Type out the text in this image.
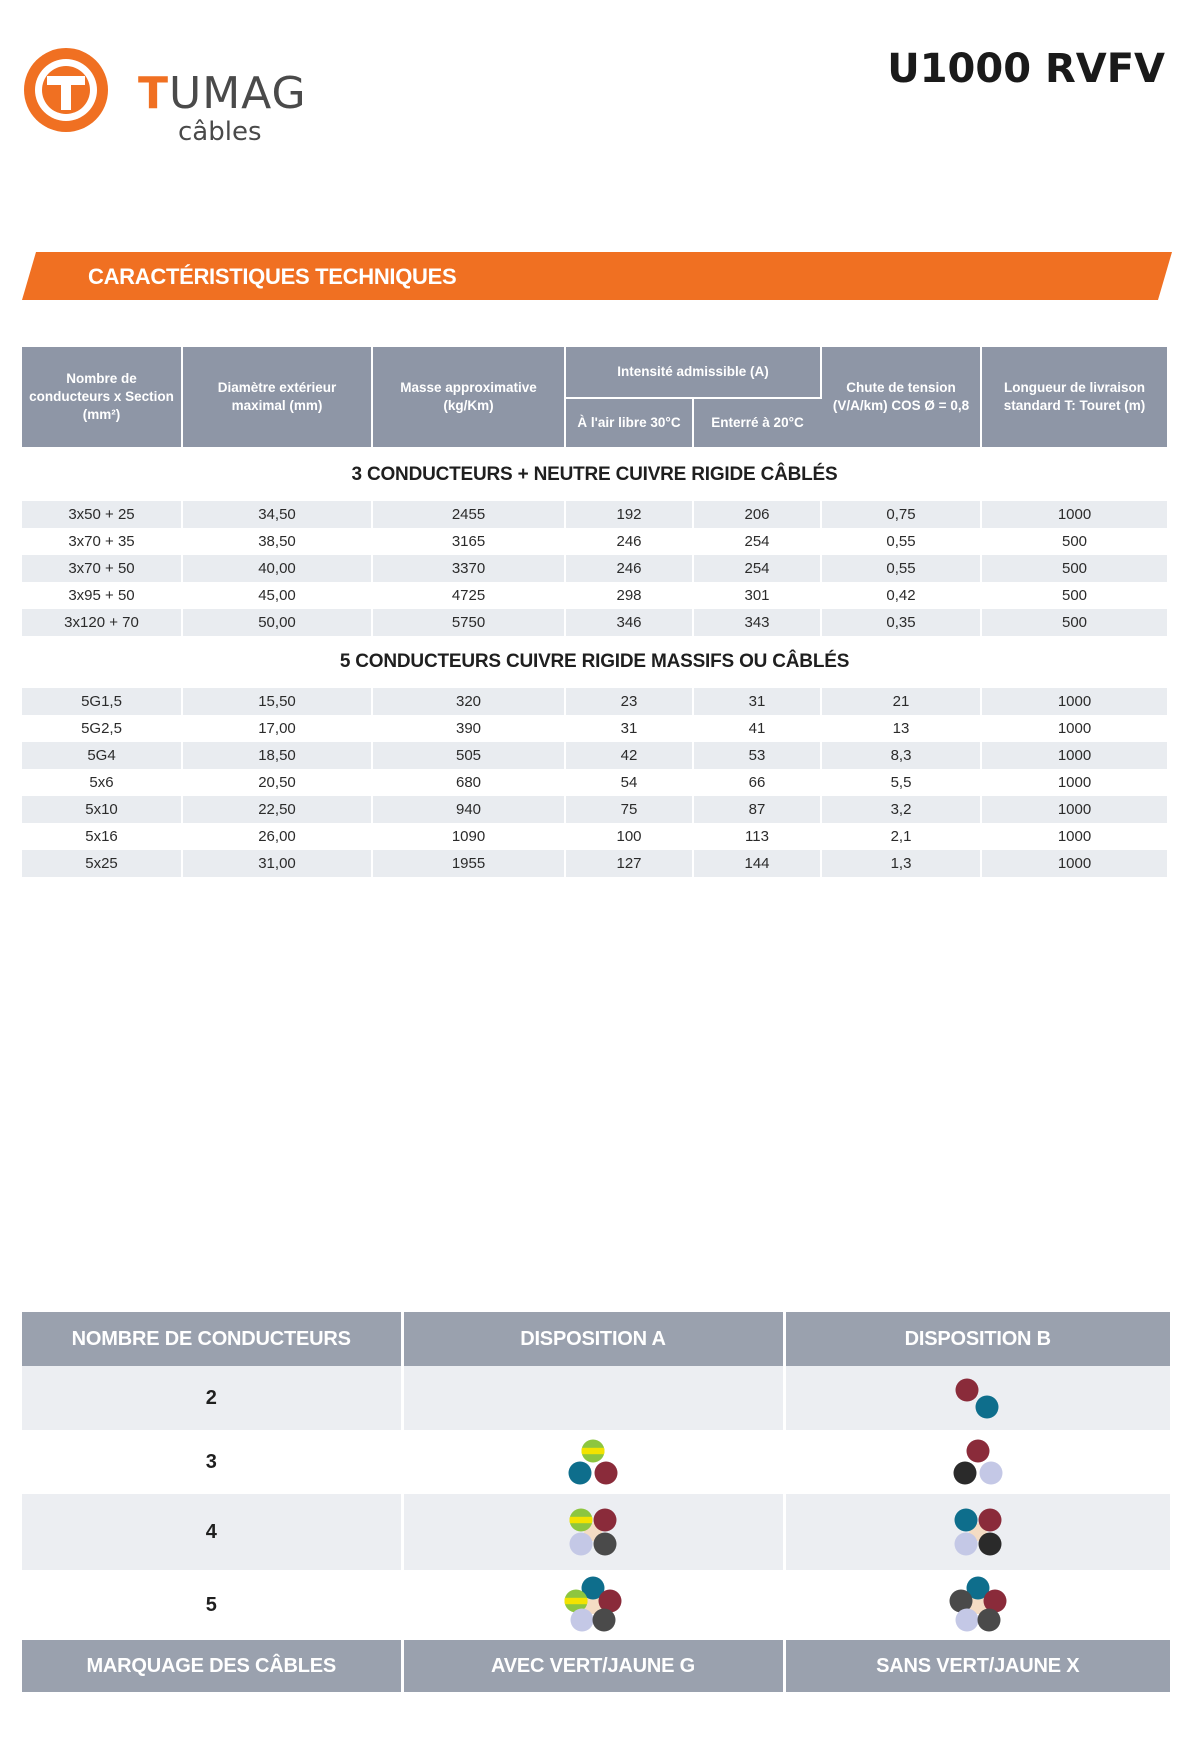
TUMAG
câbles
U1000 RVFV
CARACTÉRISTIQUES TECHNIQUES
Nombre de conducteurs x Section (mm²)	Diamètre extérieur maximal (mm)	Masse approximative (kg/Km)	Intensité admissible (A)		Chute de tension (V/A/km) COS Ø = 0,8	Longueur de livraison standard T: Touret (m)
			À l'air libre 30°C	Enterré à 20°C		
3 CONDUCTEURS + NEUTRE CUIVRE RIGIDE CÂBLÉS						
3x50 + 25	34,50	2455	192	206	0,75	1000
3x70 + 35	38,50	3165	246	254	0,55	500
3x70 + 50	40,00	3370	246	254	0,55	500
3x95 + 50	45,00	4725	298	301	0,42	500
3x120 + 70	50,00	5750	346	343	0,35	500
5 CONDUCTEURS CUIVRE RIGIDE MASSIFS OU CÂBLÉS						
5G1,5	15,50	320	23	31	21	1000
5G2,5	17,00	390	31	41	13	1000
5G4	18,50	505	42	53	8,3	1000
5x6	20,50	680	54	66	5,5	1000
5x10	22,50	940	75	87	3,2	1000
5x16	26,00	1090	100	113	2,1	1000
5x25	31,00	1955	127	144	1,3	1000
NOMBRE DE CONDUCTEURS	DISPOSITION A	DISPOSITION B
2	

3	

4	

5	

MARQUAGE DES CÂBLES	AVEC VERT/JAUNE G	SANS VERT/JAUNE X
